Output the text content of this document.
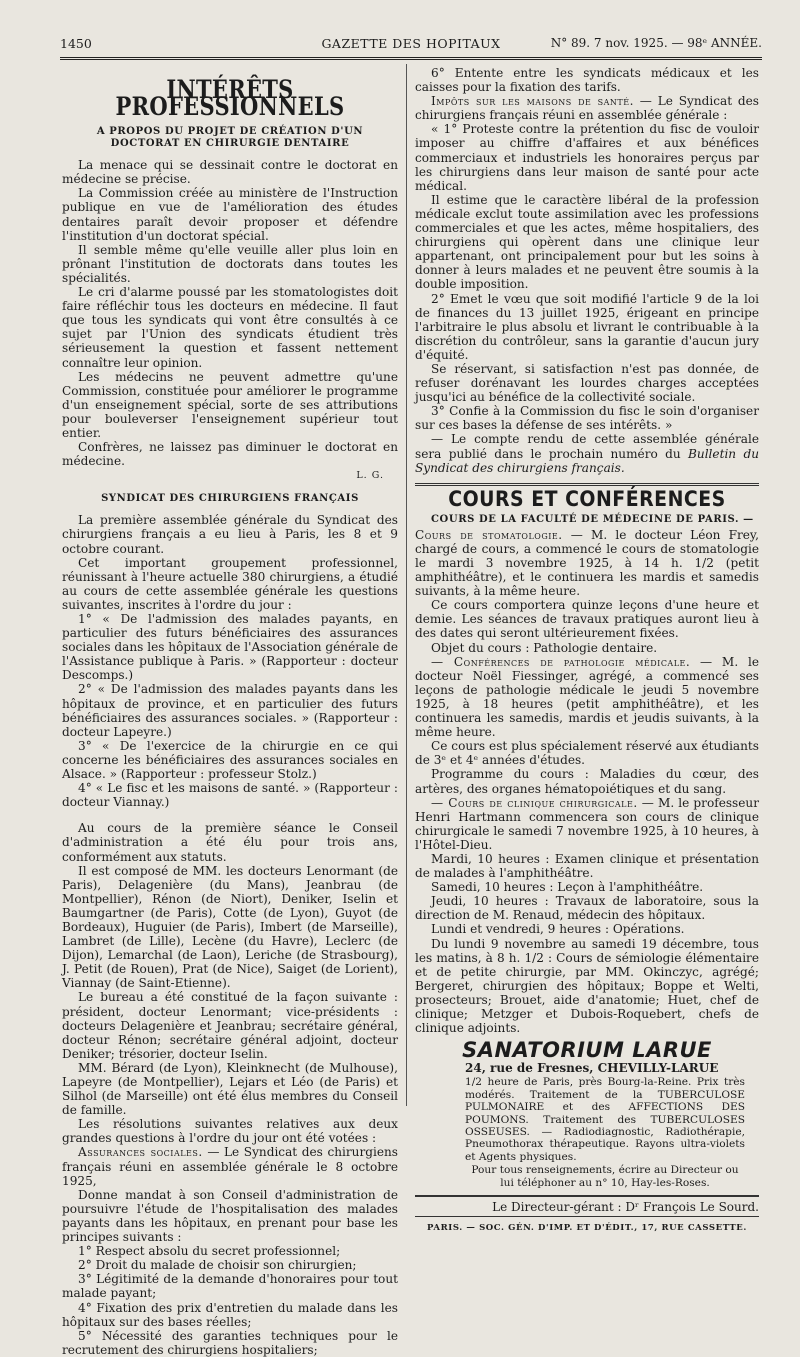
1450	GAZETTE DES HOPITAUX	N° 89. 7 nov. 1925. — 98ᵉ ANNÉE.
INTÉRÊTS PROFESSIONNELS
A PROPOS DU PROJET DE CRÉATION D'UN DOCTORAT EN CHIRURGIE DENTAIRE

La menace qui se dessinait contre le doctorat en médecine se précise.

La Commission créée au ministère de l'Instruction publique en vue de l'amélioration des études dentaires paraît devoir proposer et défendre l'institution d'un doctorat spécial.

Il semble même qu'elle veuille aller plus loin en prônant l'institution de doctorats dans toutes les spécialités.

Le cri d'alarme poussé par les stomatologistes doit faire réfléchir tous les docteurs en médecine. Il faut que tous les syndicats qui vont être consultés à ce sujet par l'Union des syndicats étudient très sérieusement la question et fassent nettement connaître leur opinion.

Les médecins ne peuvent admettre qu'une Commission, constituée pour améliorer le programme d'un enseignement spécial, sorte de ses attributions pour bouleverser l'enseignement supérieur tout entier.

Confrères, ne laissez pas diminuer le doctorat en médecine.

L. G.
SYNDICAT DES CHIRURGIENS FRANÇAIS

La première assemblée générale du Syndicat des chirurgiens français a eu lieu à Paris, les 8 et 9 octobre courant.

Cet important groupement professionnel, réunissant à l'heure actuelle 380 chirurgiens, a étudié au cours de cette assemblée générale les questions suivantes, inscrites à l'ordre du jour :

1° « De l'admission des malades payants, en particulier des futurs bénéficiaires des assurances sociales dans les hôpitaux de l'Association générale de l'Assistance publique à Paris. » (Rapporteur : docteur Descomps.)

2° « De l'admission des malades payants dans les hôpitaux de province, et en particulier des futurs bénéficiaires des assurances sociales. » (Rapporteur : docteur Lapeyre.)

3° « De l'exercice de la chirurgie en ce qui concerne les bénéficiaires des assurances sociales en Alsace. » (Rapporteur : professeur Stolz.)

4° « Le fisc et les maisons de santé. » (Rapporteur : docteur Viannay.)

Au cours de la première séance le Conseil d'administration a été élu pour trois ans, conformément aux statuts.

Il est composé de MM. les docteurs Lenormant (de Paris), Delagenière (du Mans), Jeanbrau (de Montpellier), Rénon (de Niort), Deniker, Iselin et Baumgartner (de Paris), Cotte (de Lyon), Guyot (de Bordeaux), Huguier (de Paris), Imbert (de Marseille), Lambret (de Lille), Lecène (du Havre), Leclerc (de Dijon), Lemarchal (de Laon), Leriche (de Strasbourg), J. Petit (de Rouen), Prat (de Nice), Saiget (de Lorient), Viannay (de Saint-Etienne).

Le bureau a été constitué de la façon suivante : président, docteur Lenormant; vice-présidents : docteurs Delagenière et Jeanbrau; secrétaire général, docteur Rénon; secrétaire général adjoint, docteur Deniker; trésorier, docteur Iselin.

MM. Bérard (de Lyon), Kleinknecht (de Mulhouse), Lapeyre (de Montpellier), Lejars et Léo (de Paris) et Silhol (de Marseille) ont été élus membres du Conseil de famille.

Les résolutions suivantes relatives aux deux grandes questions à l'ordre du jour ont été votées :

Assurances sociales. — Le Syndicat des chirurgiens français réuni en assemblée générale le 8 octobre 1925,

Donne mandat à son Conseil d'administration de poursuivre l'étude de l'hospitalisation des malades payants dans les hôpitaux, en prenant pour base les principes suivants :

1° Respect absolu du secret professionnel;

2° Droit du malade de choisir son chirurgien;

3° Légitimité de la demande d'honoraires pour tout malade payant;

4° Fixation des prix d'entretien du malade dans les hôpitaux sur des bases réelles;

5° Nécessité des garanties techniques pour le recrutement des chirurgiens hospitaliers;

6° Entente entre les syndicats médicaux et les caisses pour la fixation des tarifs.

Impôts sur les maisons de santé. — Le Syndicat des chirurgiens français réuni en assemblée générale :

« 1° Proteste contre la prétention du fisc de vouloir imposer au chiffre d'affaires et aux bénéfices commerciaux et industriels les honoraires perçus par les chirurgiens dans leur maison de santé pour acte médical.

Il estime que le caractère libéral de la profession médicale exclut toute assimilation avec les professions commerciales et que les actes, même hospitaliers, des chirurgiens qui opèrent dans une clinique leur appartenant, ont principalement pour but les soins à donner à leurs malades et ne peuvent être soumis à la double imposition.

2° Emet le vœu que soit modifié l'article 9 de la loi de finances du 13 juillet 1925, érigeant en principe l'arbitraire le plus absolu et livrant le contribuable à la discrétion du contrôleur, sans la garantie d'aucun jury d'équité.

Se réservant, si satisfaction n'est pas donnée, de refuser dorénavant les lourdes charges acceptées jusqu'ici au bénéfice de la collectivité sociale.

3° Confie à la Commission du fisc le soin d'organiser sur ces bases la défense de ses intérêts. »

— Le compte rendu de cette assemblée générale sera publié dans le prochain numéro du Bulletin du Syndicat des chirurgiens français.

COURS ET CONFÉRENCES
COURS DE LA FACULTÉ DE MÉDECINE DE PARIS. —

Cours de stomatologie. — M. le docteur Léon Frey, chargé de cours, a commencé le cours de stomatologie le mardi 3 novembre 1925, à 14 h. 1/2 (petit amphithéâtre), et le continuera les mardis et samedis suivants, à la même heure.

Ce cours comportera quinze leçons d'une heure et demie. Les séances de travaux pratiques auront lieu à des dates qui seront ultérieurement fixées.

Objet du cours : Pathologie dentaire.

— Conférences de pathologie médicale. — M. le docteur Noël Fiessinger, agrégé, a commencé ses leçons de pathologie médicale le jeudi 5 novembre 1925, à 18 heures (petit amphithéâtre), et les continuera les samedis, mardis et jeudis suivants, à la même heure.

Ce cours est plus spécialement réservé aux étudiants de 3ᵉ et 4ᵉ années d'études.

Programme du cours : Maladies du cœur, des artères, des organes hématopoiétiques et du sang.

— Cours de clinique chirurgicale. — M. le professeur Henri Hartmann commencera son cours de clinique chirurgicale le samedi 7 novembre 1925, à 10 heures, à l'Hôtel-Dieu.

Mardi, 10 heures : Examen clinique et présentation de malades à l'amphithéâtre.

Samedi, 10 heures : Leçon à l'amphithéâtre.

Jeudi, 10 heures : Travaux de laboratoire, sous la direction de M. Renaud, médecin des hôpitaux.

Lundi et vendredi, 9 heures : Opérations.

Du lundi 9 novembre au samedi 19 décembre, tous les matins, à 8 h. 1/2 : Cours de sémiologie élémentaire et de petite chirurgie, par MM. Okinczyc, agrégé; Bergeret, chirurgien des hôpitaux; Boppe et Welti, prosecteurs; Brouet, aide d'anatomie; Huet, chef de clinique; Metzger et Dubois-Roquebert, chefs de clinique adjoints.

SANATORIUM LARUE
24, rue de Fresnes, CHEVILLY-LARUE
1/2 heure de Paris, près Bourg-la-Reine. Prix très modérés. Traitement de la TUBERCULOSE PULMONAIRE et des AFFECTIONS DES POUMONS. Traitement des TUBERCULOSES OSSEUSES. — Radiodiagnostic, Radiothérapie, Pneumothorax thérapeutique. Rayons ultra-violets et Agents physiques.
Pour tous renseignements, écrire au Directeur ou lui téléphoner au n° 10, Hay-les-Roses.
Le Directeur-gérant : Dʳ François Le Sourd.
PARIS. — SOC. GÉN. D'IMP. ET D'ÉDIT., 17, RUE CASSETTE.
